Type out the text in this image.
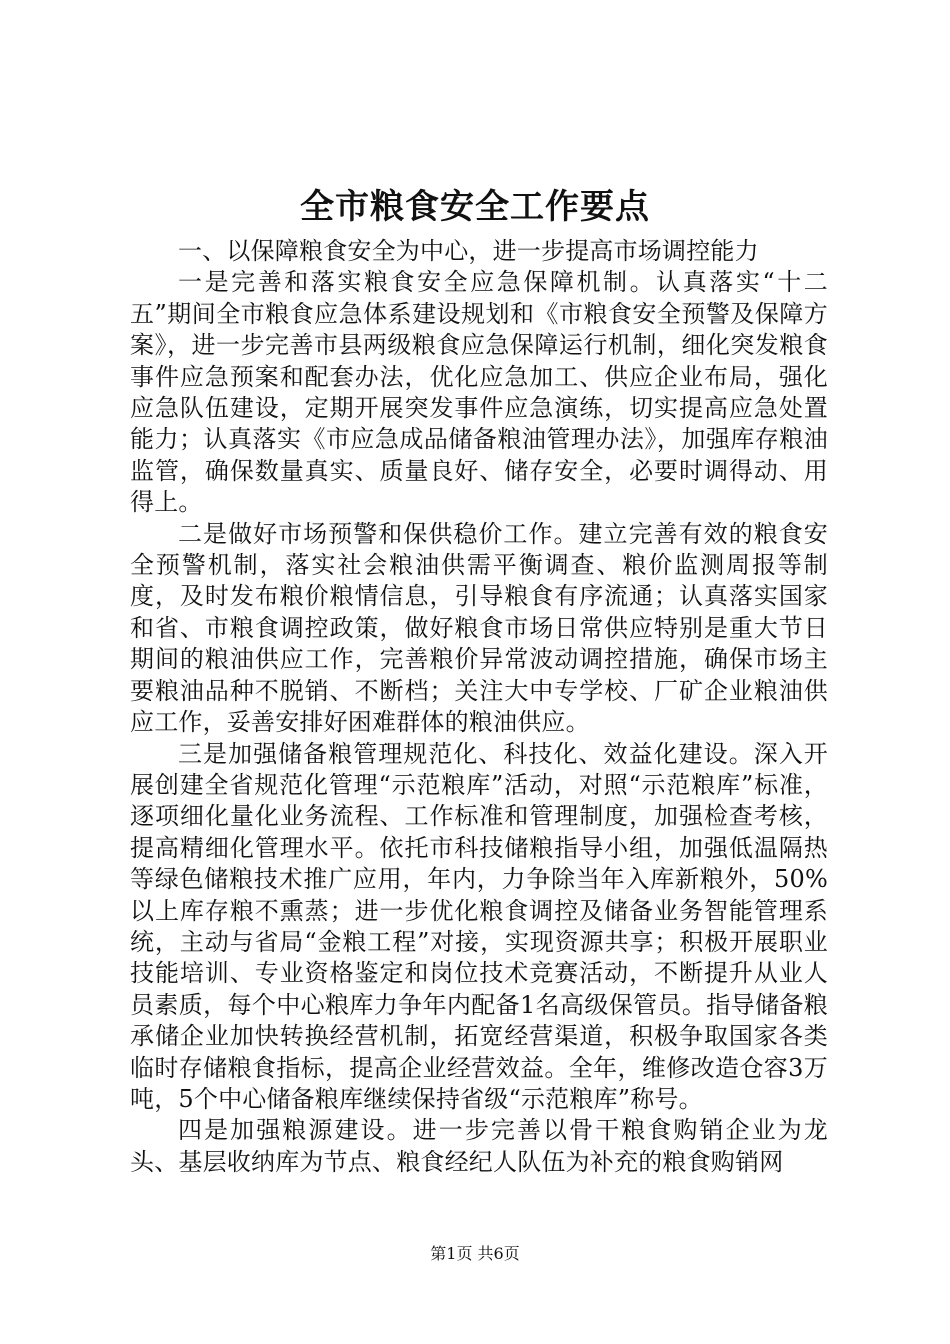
全市粮食安全工作要点

一、以保障粮食安全为中心，进一步提高市场调控能力

一是完善和落实粮食安全应急保障机制。认真落实“十二五”期间全市粮食应急体系建设规划和《市粮食安全预警及保障方案》，进一步完善市县两级粮食应急保障运行机制，细化突发粮食事件应急预案和配套办法，优化应急加工、供应企业布局，强化应急队伍建设，定期开展突发事件应急演练，切实提高应急处置能力；认真落实《市应急成品储备粮油管理办法》，加强库存粮油监管，确保数量真实、质量良好、储存安全，必要时调得动、用得上。

二是做好市场预警和保供稳价工作。建立完善有效的粮食安全预警机制，落实社会粮油供需平衡调查、粮价监测周报等制度，及时发布粮价粮情信息，引导粮食有序流通；认真落实国家和省、市粮食调控政策，做好粮食市场日常供应特别是重大节日期间的粮油供应工作，完善粮价异常波动调控措施，确保市场主要粮油品种不脱销、不断档；关注大中专学校、厂矿企业粮油供应工作，妥善安排好困难群体的粮油供应。

三是加强储备粮管理规范化、科技化、效益化建设。深入开展创建全省规范化管理“示范粮库”活动，对照“示范粮库”标准，逐项细化量化业务流程、工作标准和管理制度，加强检查考核，提高精细化管理水平。依托市科技储粮指导小组，加强低温隔热等绿色储粮技术推广应用，年内，力争除当年入库新粮外，50%以上库存粮不熏蒸；进一步优化粮食调控及储备业务智能管理系统，主动与省局“金粮工程”对接，实现资源共享；积极开展职业技能培训、专业资格鉴定和岗位技术竞赛活动，不断提升从业人员素质，每个中心粮库力争年内配备1名高级保管员。指导储备粮承储企业加快转换经营机制，拓宽经营渠道，积极争取国家各类临时存储粮食指标，提高企业经营效益。全年，维修改造仓容3万吨，5个中心储备粮库继续保持省级“示范粮库”称号。

四是加强粮源建设。进一步完善以骨干粮食购销企业为龙头、基层收纳库为节点、粮食经纪人队伍为补充的粮食购销网

第1页 共6页
